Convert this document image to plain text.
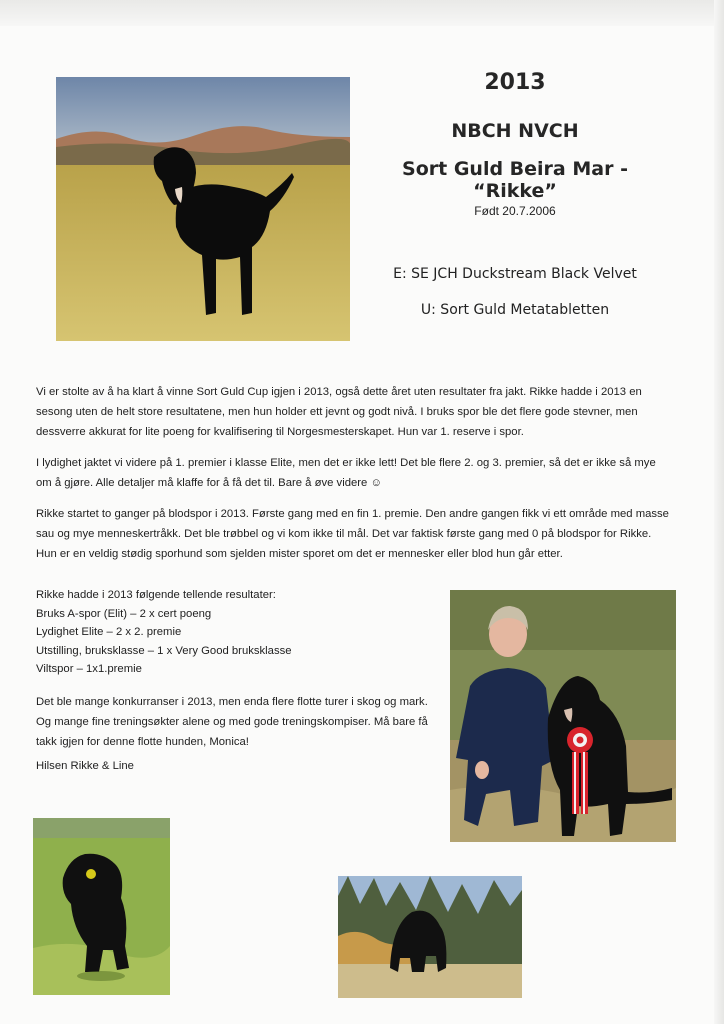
2013
NBCH NVCH
Sort Guld Beira Mar - “Rikke”
Født 20.7.2006
E: SE JCH Duckstream Black Velvet
U: Sort Guld Metatabletten

Vi er stolte av å ha klart å vinne Sort Guld Cup igjen i 2013, også dette året uten resultater fra jakt. Rikke hadde i 2013 en sesong uten de helt store resultatene, men hun holder ett jevnt og godt nivå. I bruks spor ble det flere gode stevner, men dessverre akkurat for lite poeng for kvalifisering til Norgesmesterskapet. Hun var 1. reserve i spor.

I lydighet jaktet vi videre på 1. premier i klasse Elite, men det er ikke lett! Det ble flere 2. og 3. premier, så det er ikke så mye om å gjøre. Alle detaljer må klaffe for å få det til. Bare å øve videre ☺

Rikke startet to ganger på blodspor i 2013. Første gang med en fin 1. premie. Den andre gangen fikk vi ett område med masse sau og mye menneskertråkk. Det ble trøbbel og vi kom ikke til mål. Det var faktisk første gang med 0 på blodspor for Rikke. Hun er en veldig stødig sporhund som sjelden mister sporet om det er mennesker eller blod hun går etter.

Rikke hadde i 2013 følgende tellende resultater:
Bruks A-spor (Elit) – 2 x cert poeng
Lydighet Elite – 2 x 2. premie
Utstilling, bruksklasse – 1 x Very Good bruksklasse
Viltspor – 1x1.premie
Det ble mange konkurranser i 2013, men enda flere flotte turer i skog og mark. Og mange fine treningsøkter alene og med gode treningskompiser. Må bare få takk igjen for denne flotte hunden, Monica!
Hilsen Rikke & Line
